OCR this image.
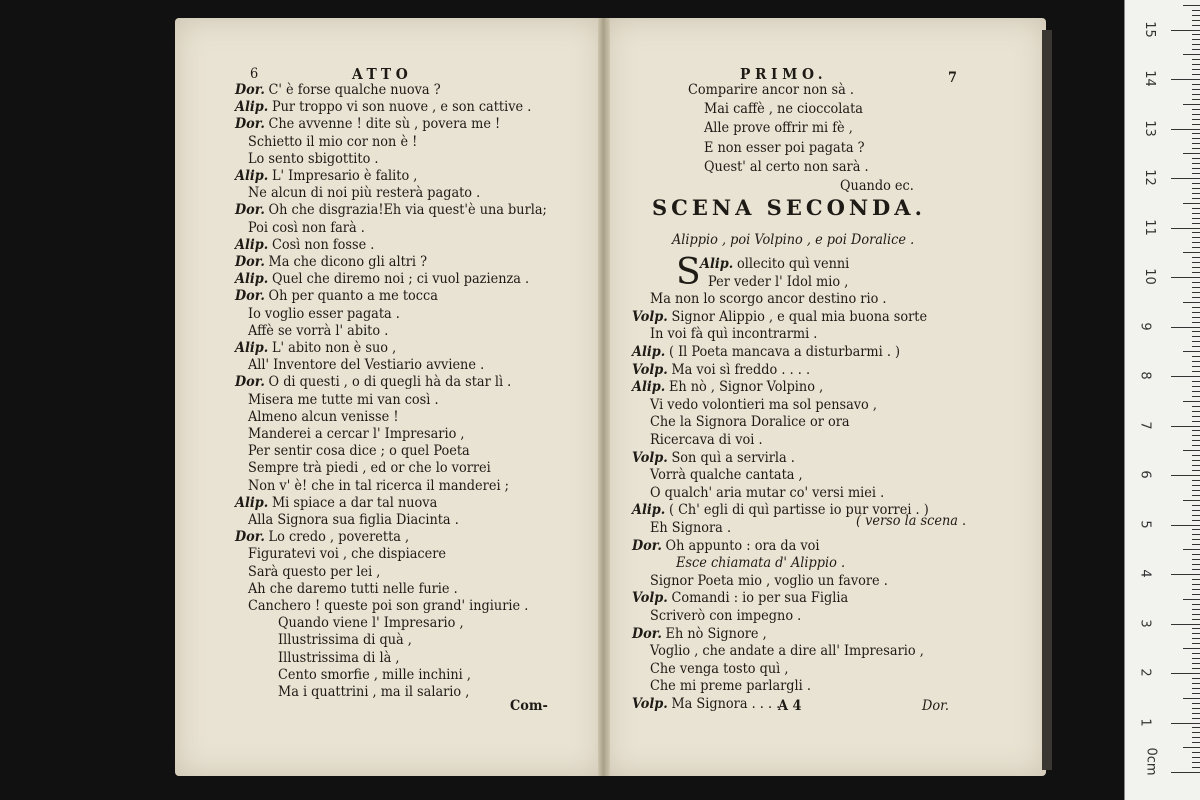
6	ATTO
Dor. C' è forse qualche nuova ?
Alip. Pur troppo vi son nuove , e son cattive .
Dor. Che avvenne ! dite sù , povera me !
Schietto il mio cor non è !
Lo sento sbigottito .
Alip. L' Impresario è falito ,
Ne alcun di noi più resterà pagato .
Dor. Oh che disgrazia!Eh via quest'è una burla;
Poi così non farà .
Alip. Così non fosse .
Dor. Ma che dicono gli altri ?
Alip. Quel che diremo noi ; ci vuol pazienza .
Dor. Oh per quanto a me tocca
Io voglio esser pagata .
Affè se vorrà l' abito .
Alip. L' abito non è suo ,
All' Inventore del Vestiario avviene .
Dor. O di questi , o di quegli hà da star lì .
Misera me tutte mi van così .
Almeno alcun venisse !
Manderei a cercar l' Impresario ,
Per sentir cosa dice ; o quel Poeta
Sempre trà piedi , ed or che lo vorrei
Non v' è! che in tal ricerca il manderei ;
Alip. Mi spiace a dar tal nuova
Alla Signora sua figlia Diacinta .
Dor. Lo credo , poveretta ,
Figuratevi voi , che dispiacere
Sarà questo per lei ,
Ah che daremo tutti nelle furie .
Canchero ! queste poi son grand' ingiurie .
Quando viene l' Impresario ,
Illustrissima di quà ,
Illustrissima di là ,
Cento smorfie , mille inchini ,
Ma i quattrini , ma il salario ,
Com-
PRIMO.	7
Comparire ancor non sà .
Mai caffè , ne cioccolata
Alle prove offrir mi fè ,
E non esser poi pagata ?
Quest' al certo non sarà .
Quando ec.
SCENA SECONDA.
Alippio , poi Volpino , e poi Doralice .
S Alip. ollecito quì venni
Per veder l' Idol mio ,
Ma non lo scorgo ancor destino rio .
Volp. Signor Alippio , e qual mia buona sorte
In voi fà quì incontrarmi .
Alip. ( Il Poeta mancava a disturbarmi . )
Volp. Ma voi sì freddo . . . .
Alip. Eh nò , Signor Volpino ,
Vi vedo volontieri ma sol pensavo ,
Che la Signora Doralice or ora
Ricercava di voi .
Volp. Son quì a servirla .
Vorrà qualche cantata ,
O qualch' aria mutar co' versi miei .
Alip. ( Ch' egli di quì partisse io pur vorrei . )
Eh Signora .
Dor. Oh appunto : ora da voi
Esce chiamata d' Alippio .
Signor Poeta mio , voglio un favore .
Volp. Comandi : io per sua Figlia
Scriverò con impegno .
Dor. Eh nò Signore ,
Voglio , che andate a dire all' Impresario ,
Che venga tosto quì ,
Che mi preme parlargli .
Volp. Ma Signora . . . .
( verso la scena .
A 4	Dor.
0cm
1
2
3
4
5
6
7
8
9
10
11
12
13
14
15
